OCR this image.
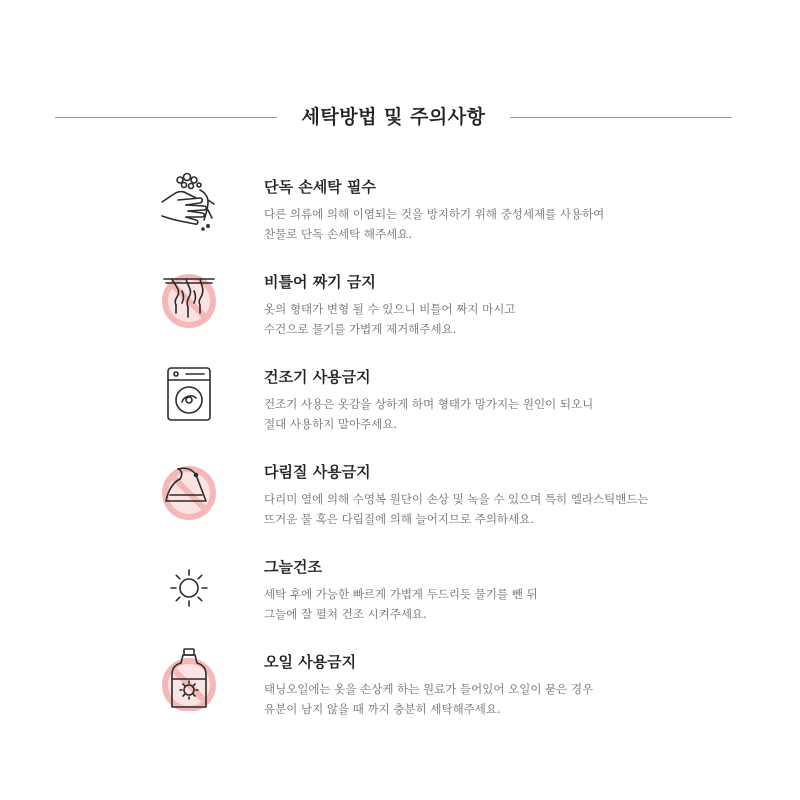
세탁방법 및 주의사항
단독 손세탁 필수
다른 의류에 의해 이염되는 것을 방지하기 위해 중성세제를 사용하여
찬물로 단독 손세탁 해주세요.
비틀어 짜기 금지
옷의 형태가 변형 될 수 있으니 비틀어 짜지 마시고
수건으로 물기를 가볍게 제거해주세요.
건조기 사용금지
건조기 사용은 옷감을 상하게 하며 형태가 망가지는 원인이 되오니
절대 사용하지 말아주세요.
다림질 사용금지
다리미 열에 의해 수영복 원단이 손상 및 녹을 수 있으며 특히 엘라스틱밴드는
뜨거운 물 혹은 다림질에 의해 늘어지므로 주의하세요.
그늘건조
세탁 후에 가능한 빠르게 가볍게 두드리듯 물기를 뺀 뒤
그늘에 잘 펼쳐 건조 시켜주세요.
오일 사용금지
태닝오일에는 옷을 손상케 하는 원료가 들어있어 오일이 묻은 경우
유분이 남지 않을 때 까지 충분히 세탁해주세요.
